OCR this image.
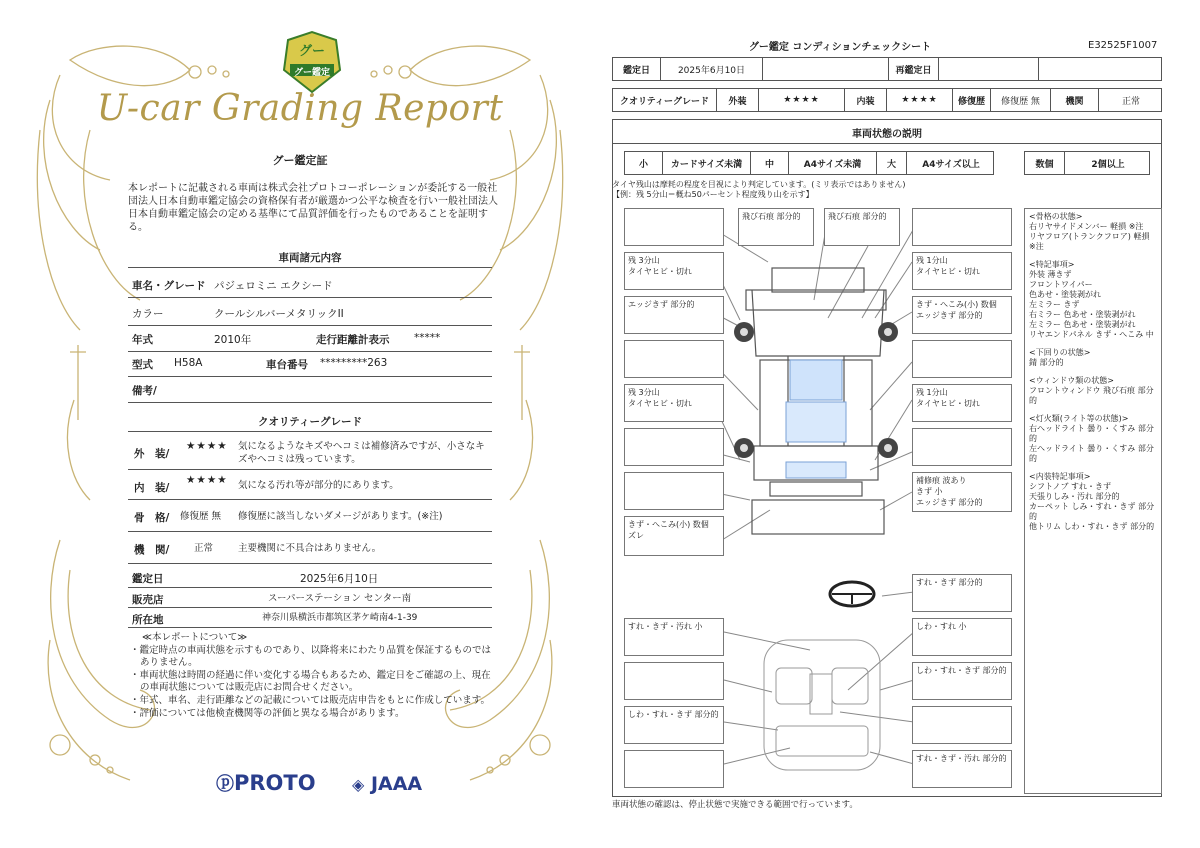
グー
グー鑑定
U-car Grading Report
グー鑑定証
本レポートに記載される車両は株式会社プロトコーポレーションが委託する一般社団法人日本自動車鑑定協会の資格保有者が厳選かつ公平な検査を行い一般社団法人日本自動車鑑定協会の定める基準にて品質評価を行ったものであることを証明する。
車両諸元内容
車名・グレード パジェロミニ エクシード
カラー	クールシルバーメタリックII
年式	2010年	走行距離計表示 *****
型式 H58A	車台番号 *********263
備考/
クオリティーグレード
外　装/
★★★★ 気になるようなキズやヘコミは補修済みですが、小さなキズやヘコミは残っています。
内　装/
★★★★ 気になる汚れ等が部分的にあります。
骨　格/ 修復歴 無 修復歴に該当しないダメージがあります。(※注)
機　関/	正常	主要機関に不具合はありません。
鑑定日	2025年6月10日
販売店	スーパーステーション センター南
所在地	神奈川県横浜市都筑区茅ケ崎南4-1-39
≪本レポートについて≫
・鑑定時点の車両状態を示すものであり、以降将来にわたり品質を保証するものではありません。
・車両状態は時間の経過に伴い変化する場合もあるため、鑑定日をご確認の上、現在の車両状態については販売店にお問合せください。
・年式、車名、走行距離などの記載については販売店申告をもとに作成しています。
・評価については他検査機関等の評価と異なる場合があります。
ⓟPROTO ◈ JAAA
グー鑑定 コンディションチェックシート	E32525F1007
鑑定日	2025年6月10日	再鑑定日
クオリティーグレード	外装	★★★★	内装	★★★★	修復歴	修復歴 無	機関	正常
車両状態の説明
小	カードサイズ未満	中	A4サイズ未満	大	A4サイズ以上	数個	2個以上
タイヤ残山は摩耗の程度を目視により判定しています。(ミリ表示ではありません)
【例：残 5分山＝概ね50パーセント程度残り山を示す】
飛び石痕 部分的	飛び石痕 部分的
残 3分山
タイヤヒビ・切れ
残 1分山
タイヤヒビ・切れ
エッジきず 部分的	きず・へこみ(小) 数個
エッジきず 部分的
残 3分山
タイヤヒビ・切れ
残 1分山
タイヤヒビ・切れ
補修痕 波あり
きず 小
エッジきず 部分的
きず・へこみ(小) 数個
ズレ
すれ・きず 部分的
すれ・きず・汚れ 小	しわ・すれ 小
しわ・すれ・きず 部分的
しわ・すれ・きず 部分的
すれ・きず・汚れ 部分的
<骨格の状態>
右リヤサイドメンバー 軽損 ※注
リヤフロア(トランクフロア) 軽損
※注
<特記事項>
外装 薄きず
フロントワイパー
色あせ・塗装剥がれ
左ミラー きず
右ミラー 色あせ・塗装剥がれ
左ミラー 色あせ・塗装剥がれ
リヤエンドパネル きず・へこみ 中
<下回りの状態>
錆 部分的
<ウィンドウ類の状態>
フロントウィンドウ 飛び石痕 部分的
<灯火類(ライト等の状態)>
右ヘッドライト 曇り・くすみ 部分的
左ヘッドライト 曇り・くすみ 部分的
<内装特記事項>
シフトノブ すれ・きず
天張りしみ・汚れ 部分的
カーペット しみ・すれ・きず 部分的
他トリム しわ・すれ・きず 部分的
車両状態の確認は、停止状態で実施できる範囲で行っています。
